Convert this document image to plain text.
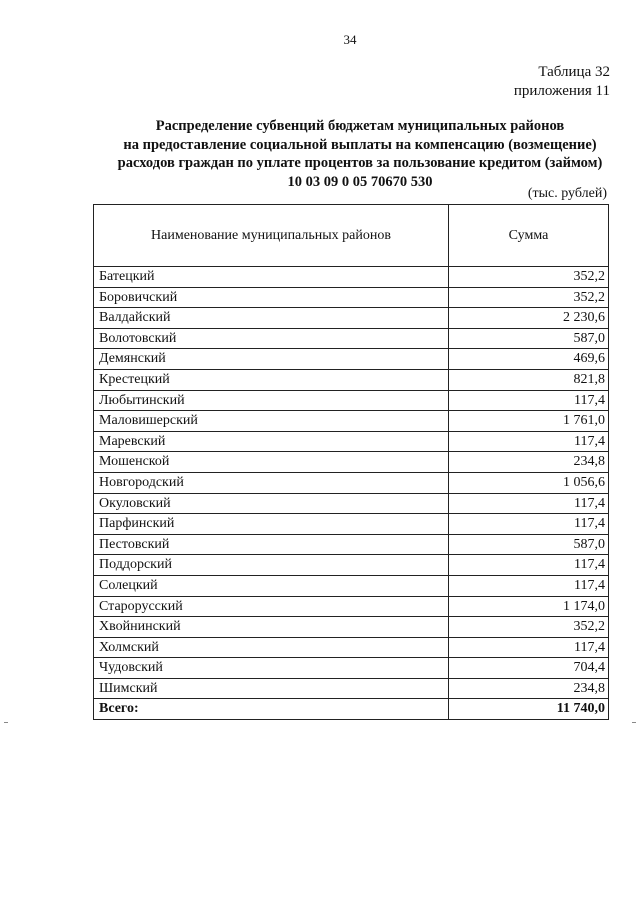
34
Таблица 32
приложения 11
Распределение субвенций бюджетам муниципальных районов
на предоставление социальной выплаты на компенсацию (возмещение)
расходов граждан по уплате процентов за пользование кредитом (займом)
10 03 09 0 05 70670 530
(тыс. рублей)
Наименование муниципальных районов	Сумма
Батецкий	352,2
Боровичский	352,2
Валдайский	2 230,6
Волотовский	587,0
Демянский	469,6
Крестецкий	821,8
Любытинский	117,4
Маловишерский	1 761,0
Маревский	117,4
Мошенской	234,8
Новгородский	1 056,6
Окуловский	117,4
Парфинский	117,4
Пестовский	587,0
Поддорский	117,4
Солецкий	117,4
Старорусский	1 174,0
Хвойнинский	352,2
Холмский	117,4
Чудовский	704,4
Шимский	234,8
Всего:	11 740,0
